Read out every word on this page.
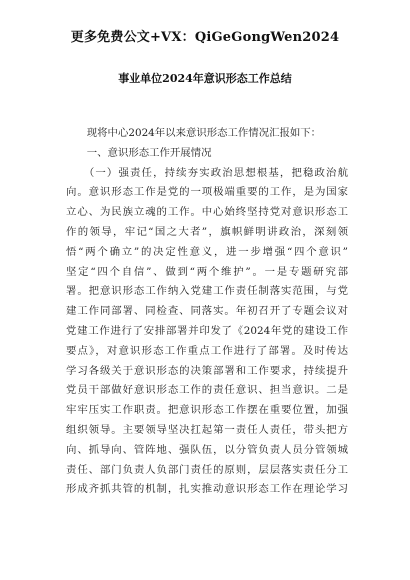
更多免费公文+VX：QiGeGongWen2024
事业单位2024年意识形态工作总结
　　现将中心2024年以来意识形态工作情况汇报如下：
　　一、意识形态工作开展情况
　　（一）强责任，持续夯实政治思想根基，把稳政治航
向。意识形态工作是党的一项极端重要的工作，是为国家
立心、为民族立魂的工作。中心始终坚持党对意识形态工
作的领导，牢记“国之大者”，旗帜鲜明讲政治，深刻领
悟“两个确立”的决定性意义，进一步增强“四个意识”
坚定“四个自信”、做到“两个维护”。一是专题研究部
署。把意识形态工作纳入党建工作责任制落实范围，与党
建工作同部署、同检查、同落实。年初召开了专题会议对
党建工作进行了安排部署并印发了《2024年党的建设工作
要点》，对意识形态工作重点工作进行了部署。及时传达
学习各级关于意识形态的决策部署和工作要求，持续提升
党员干部做好意识形态工作的责任意识、担当意识。二是
牢牢压实工作职责。把意识形态工作摆在重要位置，加强
组织领导。主要领导坚决扛起第一责任人责任，带头把方
向、抓导向、管阵地、强队伍，以分管负责人员分管领城
责任、部门负责人负部门责任的原则，层层落实责任分工
形成齐抓共管的机制，扎实推动意识形态工作在理论学习
